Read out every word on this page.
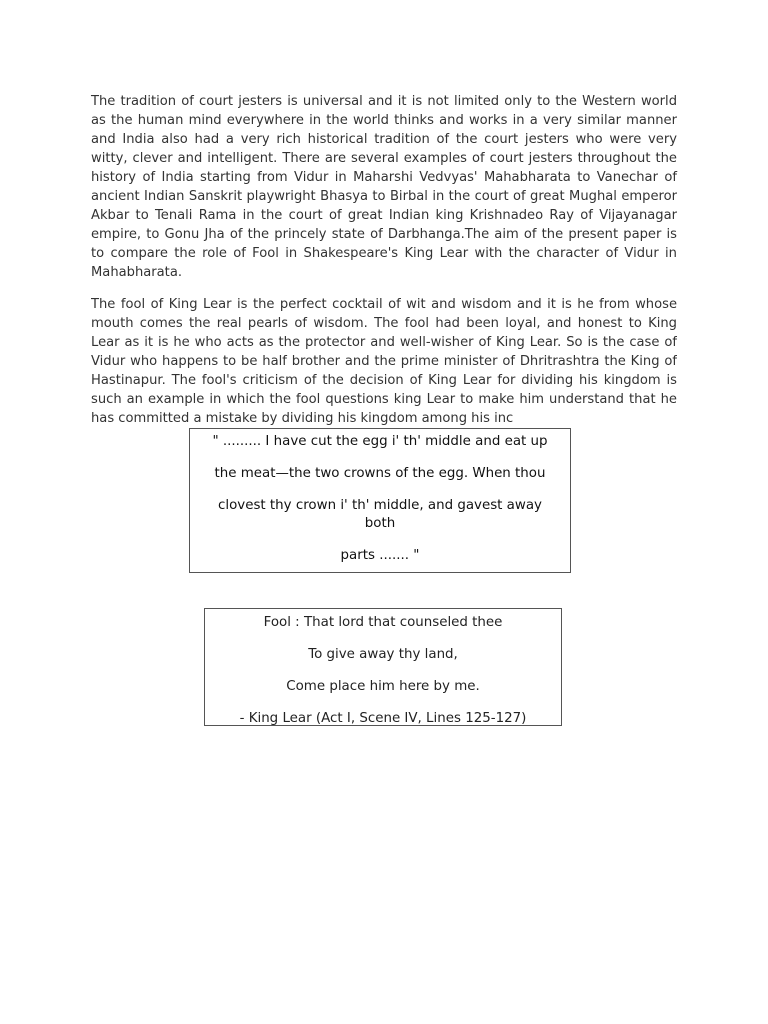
The tradition of court jesters is universal and it is not limited only to the Western world as the human mind everywhere in the world thinks and works in a very similar manner and India also had a very rich historical tradition of the court jesters who were very witty, clever and intelligent. There are several examples of court jesters throughout the history of India starting from Vidur in Maharshi Vedvyas' Mahabharata to Vanechar of ancient Indian Sanskrit playwright Bhasya to Birbal in the court of great Mughal emperor Akbar to Tenali Rama in the court of great Indian king Krishnadeo Ray of Vijayanagar empire, to Gonu Jha of the princely state of Darbhanga.The aim of the present paper is to compare the role of Fool in Shakespeare's King Lear with the character of Vidur in Mahabharata.

The fool of King Lear is the perfect cocktail of wit and wisdom and it is he from whose mouth comes the real pearls of wisdom. The fool had been loyal, and honest to King Lear as it is he who acts as the protector and well-wisher of King Lear. So is the case of Vidur who happens to be half brother and the prime minister of Dhritrashtra the King of Hastinapur. The fool's criticism of the decision of King Lear for dividing his kingdom is such an example in which the fool questions king Lear to make him understand that he has committed a mistake by dividing his kingdom among his inc

" ......... I have cut the egg i' th' middle and eat up
the meat—the two crowns of the egg. When thou
clovest thy crown i' th' middle, and gavest away both
parts ....... "
Fool : That lord that counseled thee
To give away thy land,
Come place him here by me.
- King Lear (Act I, Scene IV, Lines 125-127)
